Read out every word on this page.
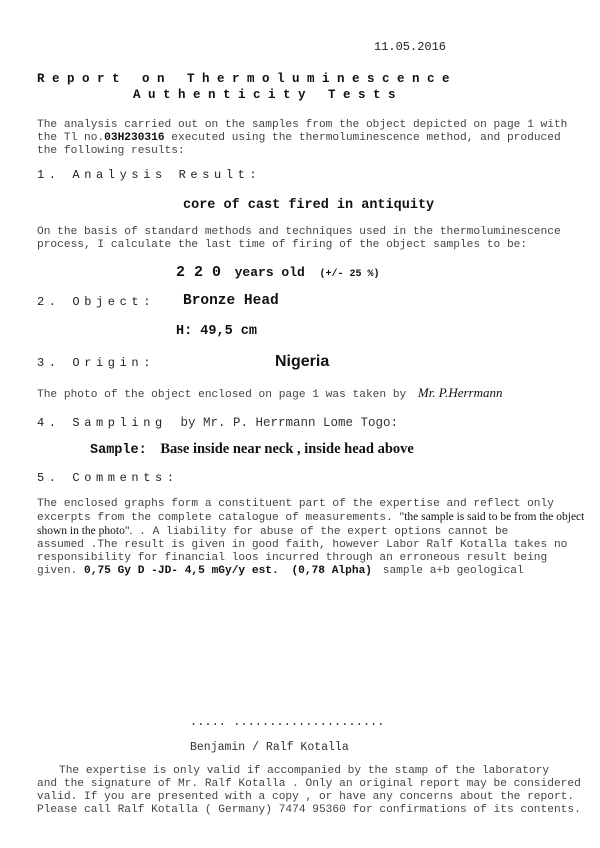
11.05.2016
Report on Thermoluminescence
Authenticity Tests
The analysis carried out on the samples from the object depicted on page 1 with
the Tl no.03H230316 executed using the thermoluminescence method, and produced
the following results:
1. Analysis Result:
core of cast fired in antiquity
On the basis of standard methods and techniques used in the thermoluminescence
process, I calculate the last time of firing of the object samples to be:
2 2 0 years old (+/- 25 %)
2. Object: Bronze Head
H: 49,5 cm
3. Origin:	Nigeria
The photo of the object enclosed on page 1 was taken by Mr. P.Herrmann
4. Sampling by Mr. P. Herrmann Lome Togo:
Sample: Base inside near neck , inside head above
5. Comments:
The enclosed graphs form a constituent part of the expertise and reflect only
excerpts from the complete catalogue of measurements. "the sample is said to be from the object
shown in the photo". . A liability for abuse of the expert options cannot be
assumed .The result is given in good faith, however Labor Ralf Kotalla takes no
responsibility for financial loos incurred through an erroneous result being
given. 0,75 Gy D -JD- 4,5 mGy/y est. (0,78 Alpha) sample a+b geological
..... .....................
Benjamin / Ralf Kotalla
The expertise is only valid if accompanied by the stamp of the laboratory
and the signature of Mr. Ralf Kotalla . Only an original report may be considered
valid. If you are presented with a copy , or have any concerns about the report.
Please call Ralf Kotalla ( Germany) 7474 95360 for confirmations of its contents.
